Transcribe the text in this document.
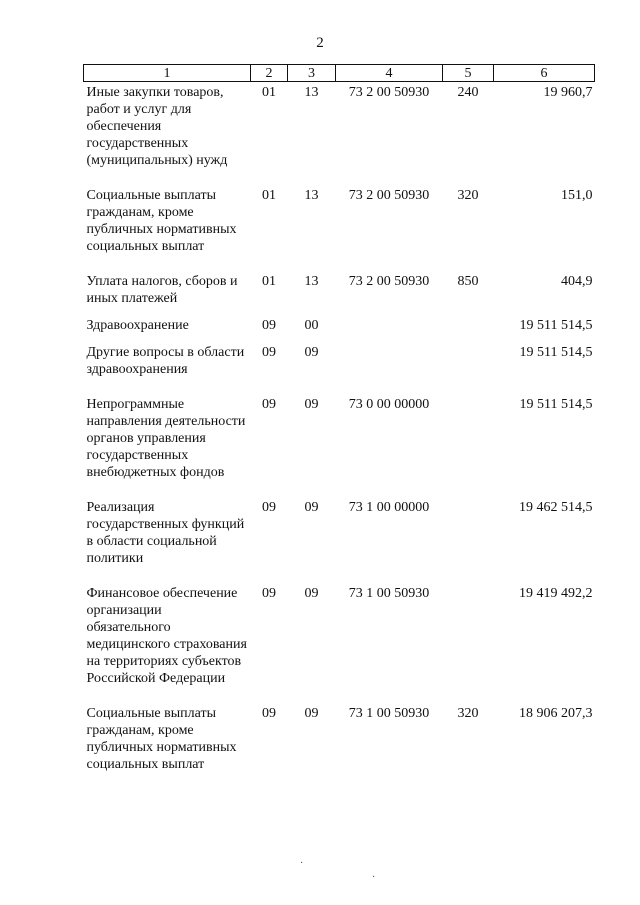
2
1	2	3	4	5	6
Иные закупки товаров, работ и услуг для обеспечения государственных (муниципальных) нужд	01	13	73 2 00 50930	240	19 960,7
Социальные выплаты гражданам, кроме публичных нормативных социальных выплат	01	13	73 2 00 50930	320	151,0
Уплата налогов, сборов и иных платежей	01	13	73 2 00 50930	850	404,9
Здравоохранение	09	00			19 511 514,5
Другие вопросы в области здравоохранения	09	09			19 511 514,5
Непрограммные направления деятельности органов управления государственных внебюджетных фондов	09	09	73 0 00 00000		19 511 514,5
Реализация государственных функций в области социальной политики	09	09	73 1 00 00000		19 462 514,5
Финансовое обеспечение организации обязательного медицинского страхования на территориях субъектов Российской Федерации	09	09	73 1 00 50930		19 419 492,2
Социальные выплаты гражданам, кроме публичных нормативных социальных выплат	09	09	73 1 00 50930	320	18 906 207,3
·
·
